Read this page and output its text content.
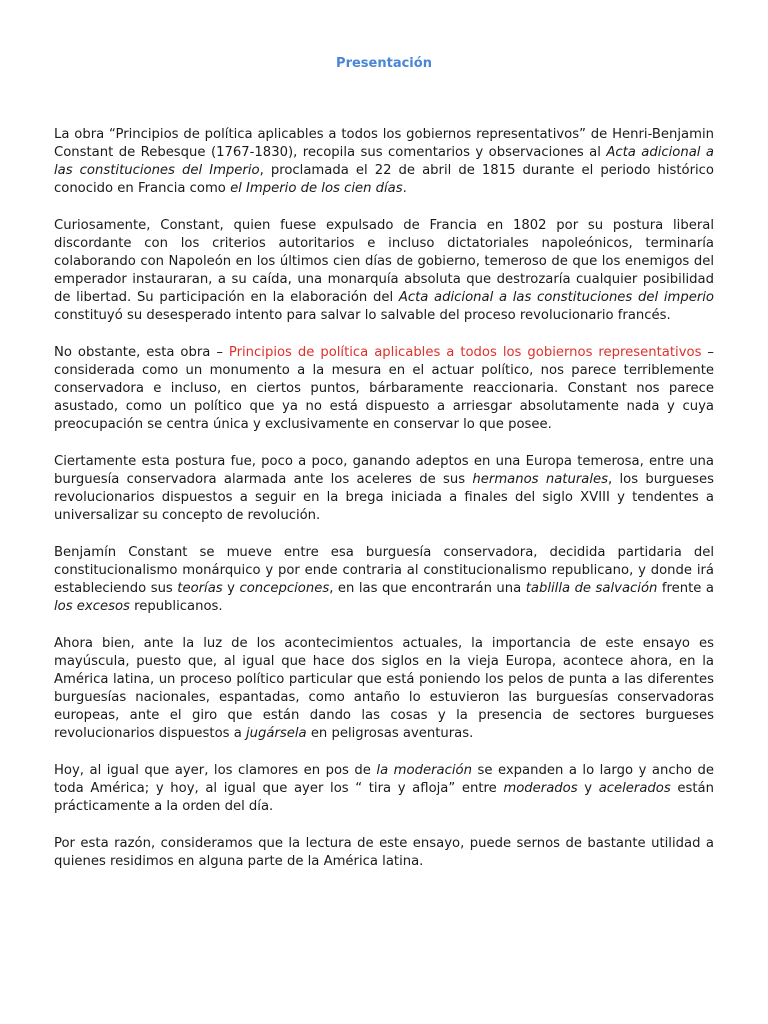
Presentación

La obra “Principios de política aplicables a todos los gobiernos representativos” de Henri-Benjamin Constant de Rebesque (1767-1830), recopila sus comentarios y observaciones al Acta adicional a las constituciones del Imperio, proclamada el 22 de abril de 1815 durante el periodo histórico conocido en Francia como el Imperio de los cien días.

Curiosamente, Constant, quien fuese expulsado de Francia en 1802 por su postura liberal discordante con los criterios autoritarios e incluso dictatoriales napoleónicos, terminaría colaborando con Napoleón en los últimos cien días de gobierno, temeroso de que los enemigos del emperador instauraran, a su caída, una monarquía absoluta que destrozaría cualquier posibilidad de libertad. Su participación en la elaboración del Acta adicional a las constituciones del imperio constituyó su desesperado intento para salvar lo salvable del proceso revolucionario francés.

No obstante, esta obra – Principios de política aplicables a todos los gobiernos representativos – considerada como un monumento a la mesura en el actuar político, nos parece terriblemente conservadora e incluso, en ciertos puntos, bárbaramente reaccionaria. Constant nos parece asustado, como un político que ya no está dispuesto a arriesgar absolutamente nada y cuya preocupación se centra única y exclusivamente en conservar lo que posee.

Ciertamente esta postura fue, poco a poco, ganando adeptos en una Europa temerosa, entre una burguesía conservadora alarmada ante los aceleres de sus hermanos naturales, los burgueses revolucionarios dispuestos a seguir en la brega iniciada a finales del siglo XVIII y tendentes a universalizar su concepto de revolución.

Benjamín Constant se mueve entre esa burguesía conservadora, decidida partidaria del constitucionalismo monárquico y por ende contraria al constitucionalismo republicano, y donde irá estableciendo sus teorías y concepciones, en las que encontrarán una tablilla de salvación frente a los excesos republicanos.

Ahora bien, ante la luz de los acontecimientos actuales, la importancia de este ensayo es mayúscula, puesto que, al igual que hace dos siglos en la vieja Europa, acontece ahora, en la América latina, un proceso político particular que está poniendo los pelos de punta a las diferentes burguesías nacionales, espantadas, como antaño lo estuvieron las burguesías conservadoras europeas, ante el giro que están dando las cosas y la presencia de sectores burgueses revolucionarios dispuestos a jugársela en peligrosas aventuras.

Hoy, al igual que ayer, los clamores en pos de la moderación se expanden a lo largo y ancho de toda América; y hoy, al igual que ayer los “ tira y afloja” entre moderados y acelerados están prácticamente a la orden del día.

Por esta razón, consideramos que la lectura de este ensayo, puede sernos de bastante utilidad a quienes residimos en alguna parte de la América latina.
